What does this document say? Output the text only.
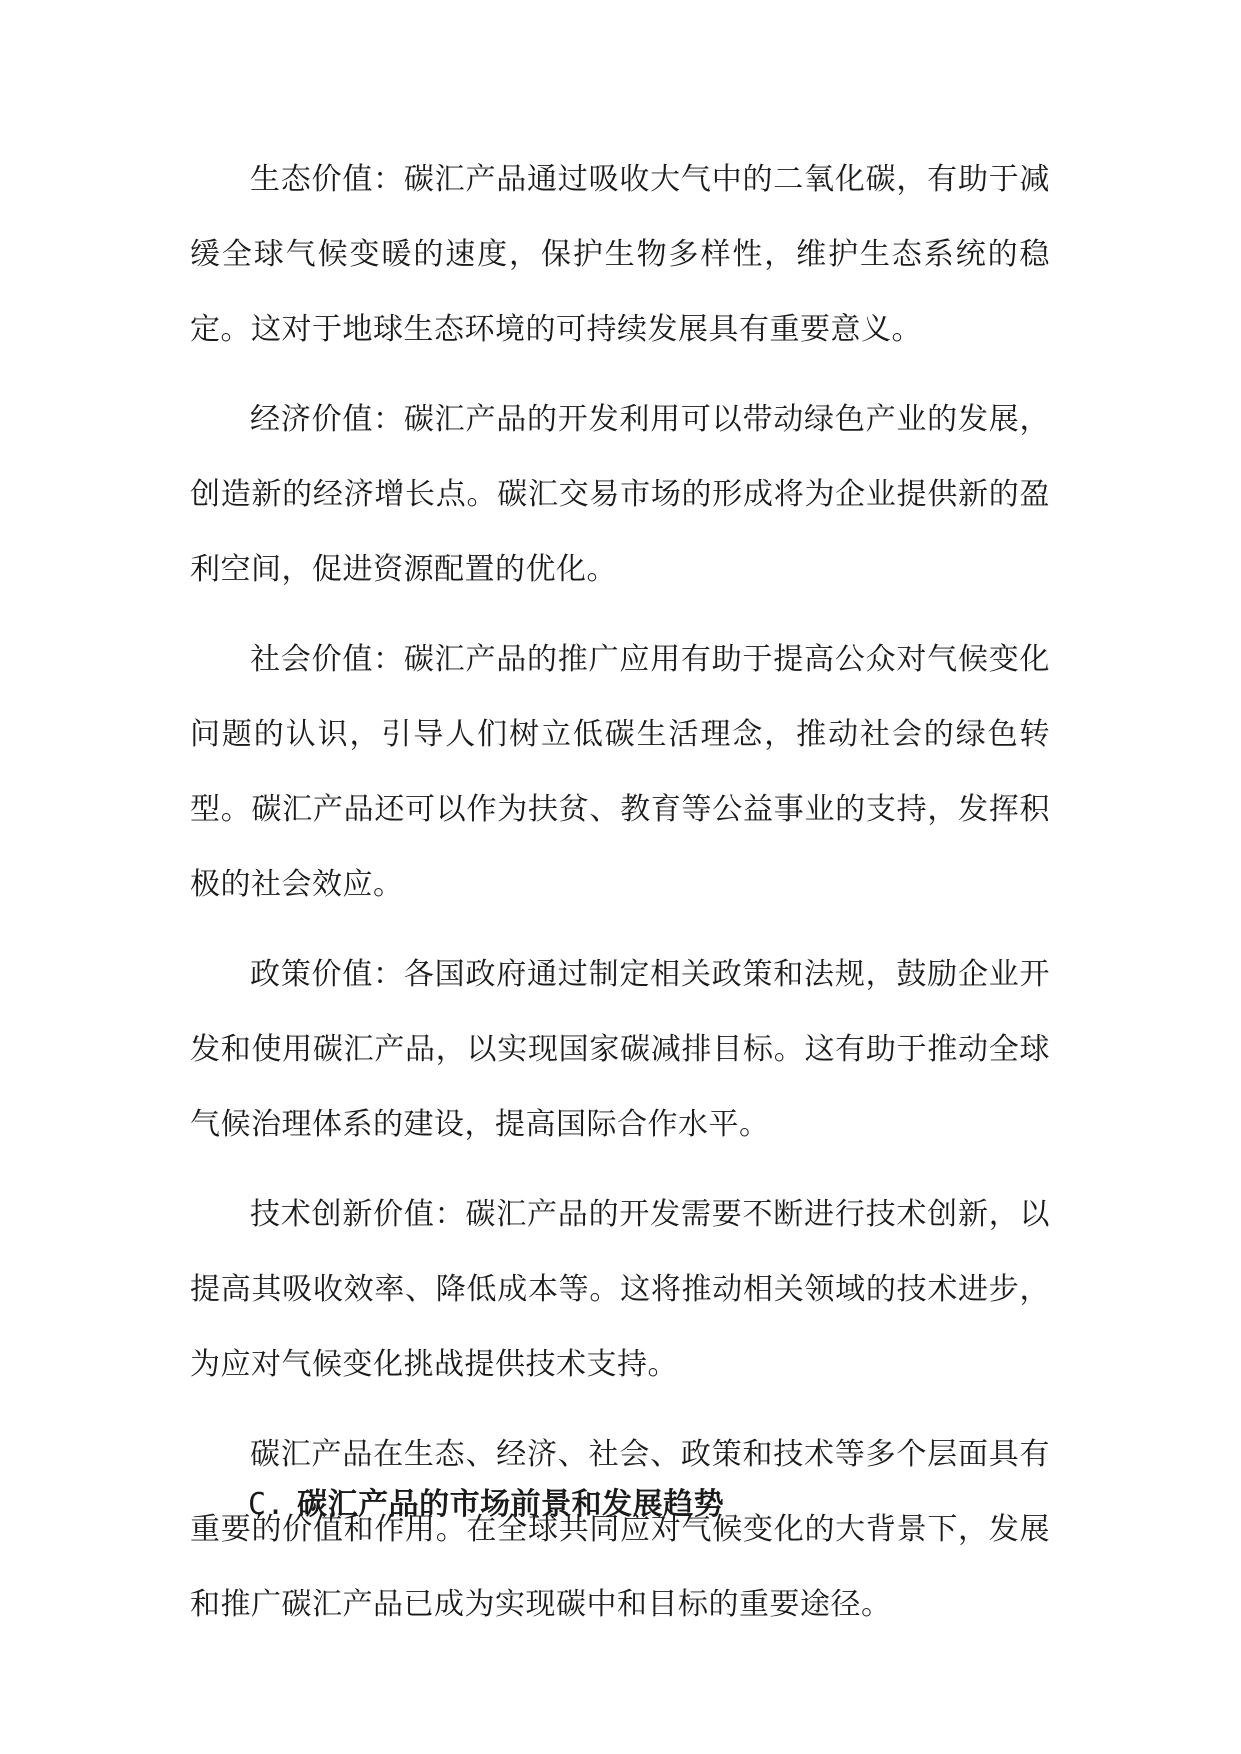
生态价值：碳汇产品通过吸收大气中的二氧化碳，有助于减缓全球气候变暖的速度，保护生物多样性，维护生态系统的稳定。这对于地球生态环境的可持续发展具有重要意义。

经济价值：碳汇产品的开发利用可以带动绿色产业的发展，创造新的经济增长点。碳汇交易市场的形成将为企业提供新的盈利空间，促进资源配置的优化。

社会价值：碳汇产品的推广应用有助于提高公众对气候变化问题的认识，引导人们树立低碳生活理念，推动社会的绿色转型。碳汇产品还可以作为扶贫、教育等公益事业的支持，发挥积极的社会效应。

政策价值：各国政府通过制定相关政策和法规，鼓励企业开发和使用碳汇产品，以实现国家碳减排目标。这有助于推动全球气候治理体系的建设，提高国际合作水平。

技术创新价值：碳汇产品的开发需要不断进行技术创新，以提高其吸收效率、降低成本等。这将推动相关领域的技术进步，为应对气候变化挑战提供技术支持。

碳汇产品在生态、经济、社会、政策和技术等多个层面具有重要的价值和作用。在全球共同应对气候变化的大背景下，发展和推广碳汇产品已成为实现碳中和目标的重要途径。

C. 碳汇产品的市场前景和发展趋势
